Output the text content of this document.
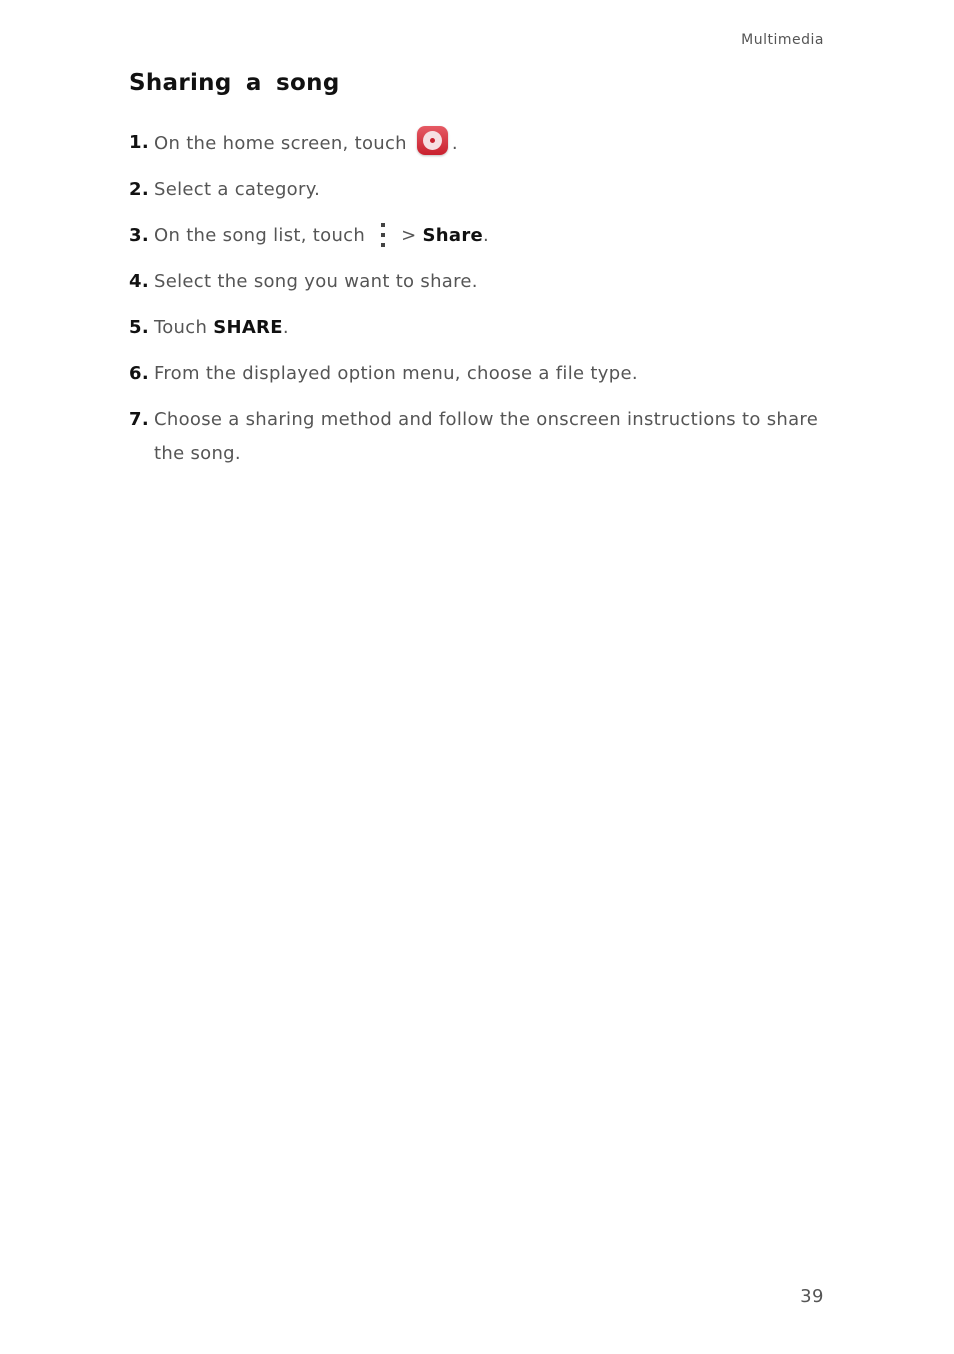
Multimedia
Sharing a song
1. On the home screen, touch	.
2. Select a category.
3. On the song list, touch > Share.
4. Select the song you want to share.
5. Touch SHARE.
6. From the displayed option menu, choose a file type.
7. Choose a sharing method and follow the onscreen instructions to share the song.
39
